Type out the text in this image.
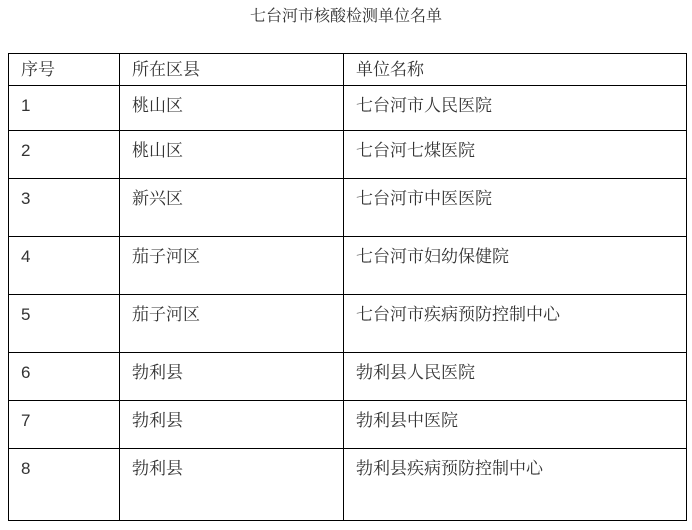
七台河市核酸检测单位名单
序号	所在区县	单位名称
1	桃山区	七台河市人民医院
2	桃山区	七台河七煤医院
3	新兴区	七台河市中医医院
4	茄子河区	七台河市妇幼保健院
5	茄子河区	七台河市疾病预防控制中心
6	勃利县	勃利县人民医院
7	勃利县	勃利县中医院
8	勃利县	勃利县疾病预防控制中心
